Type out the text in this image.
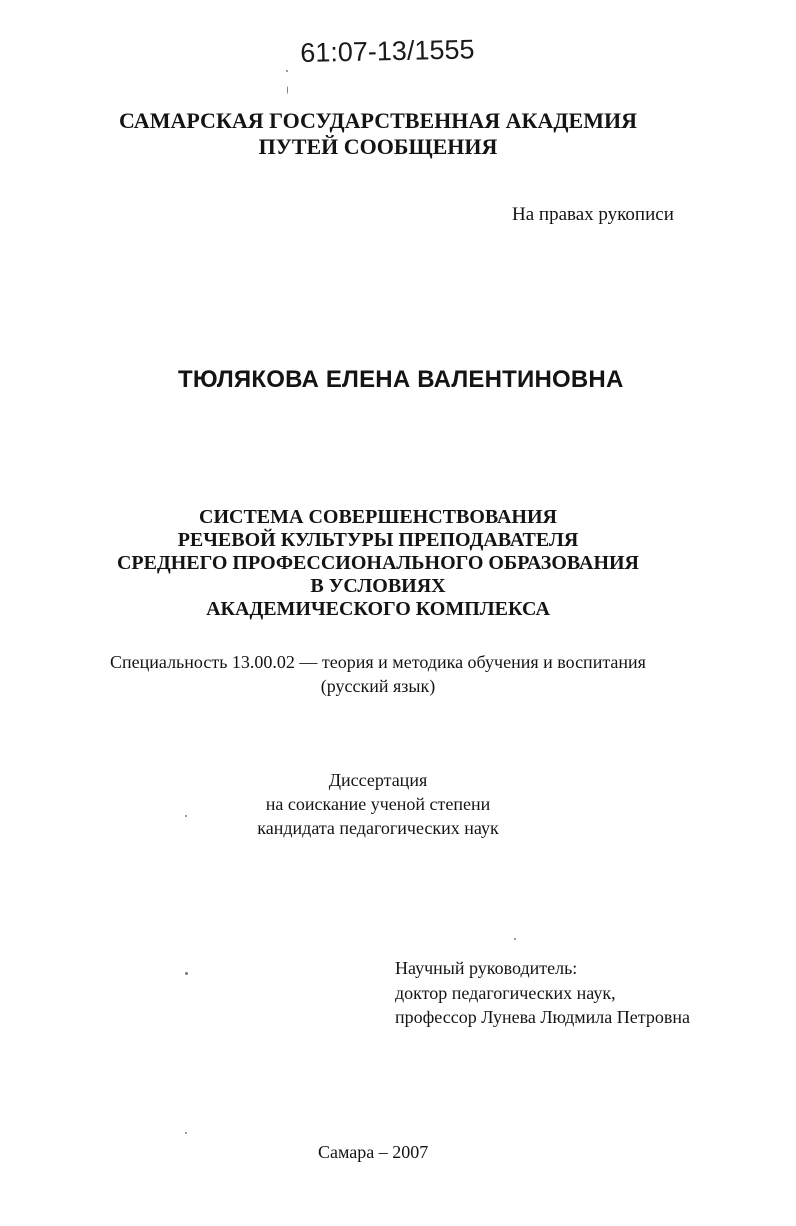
61:07-13/1555
САМАРСКАЯ ГОСУДАРСТВЕННАЯ АКАДЕМИЯ
ПУТЕЙ СООБЩЕНИЯ

На правах рукописи

ТЮЛЯКОВА ЕЛЕНА ВАЛЕНТИНОВНА

СИСТЕМА СОВЕРШЕНСТВОВАНИЯ
РЕЧЕВОЙ КУЛЬТУРЫ ПРЕПОДАВАТЕЛЯ
СРЕДНЕГО ПРОФЕССИОНАЛЬНОГО ОБРАЗОВАНИЯ
В УСЛОВИЯХ
АКАДЕМИЧЕСКОГО КОМПЛЕКСА
Специальность 13.00.02 — теория и методика обучения и воспитания
(русский язык)
Диссертация
на соискание ученой степени
кандидата педагогических наук
Научный руководитель:
доктор педагогических наук,
профессор Лунева Людмила Петровна

Самара – 2007
